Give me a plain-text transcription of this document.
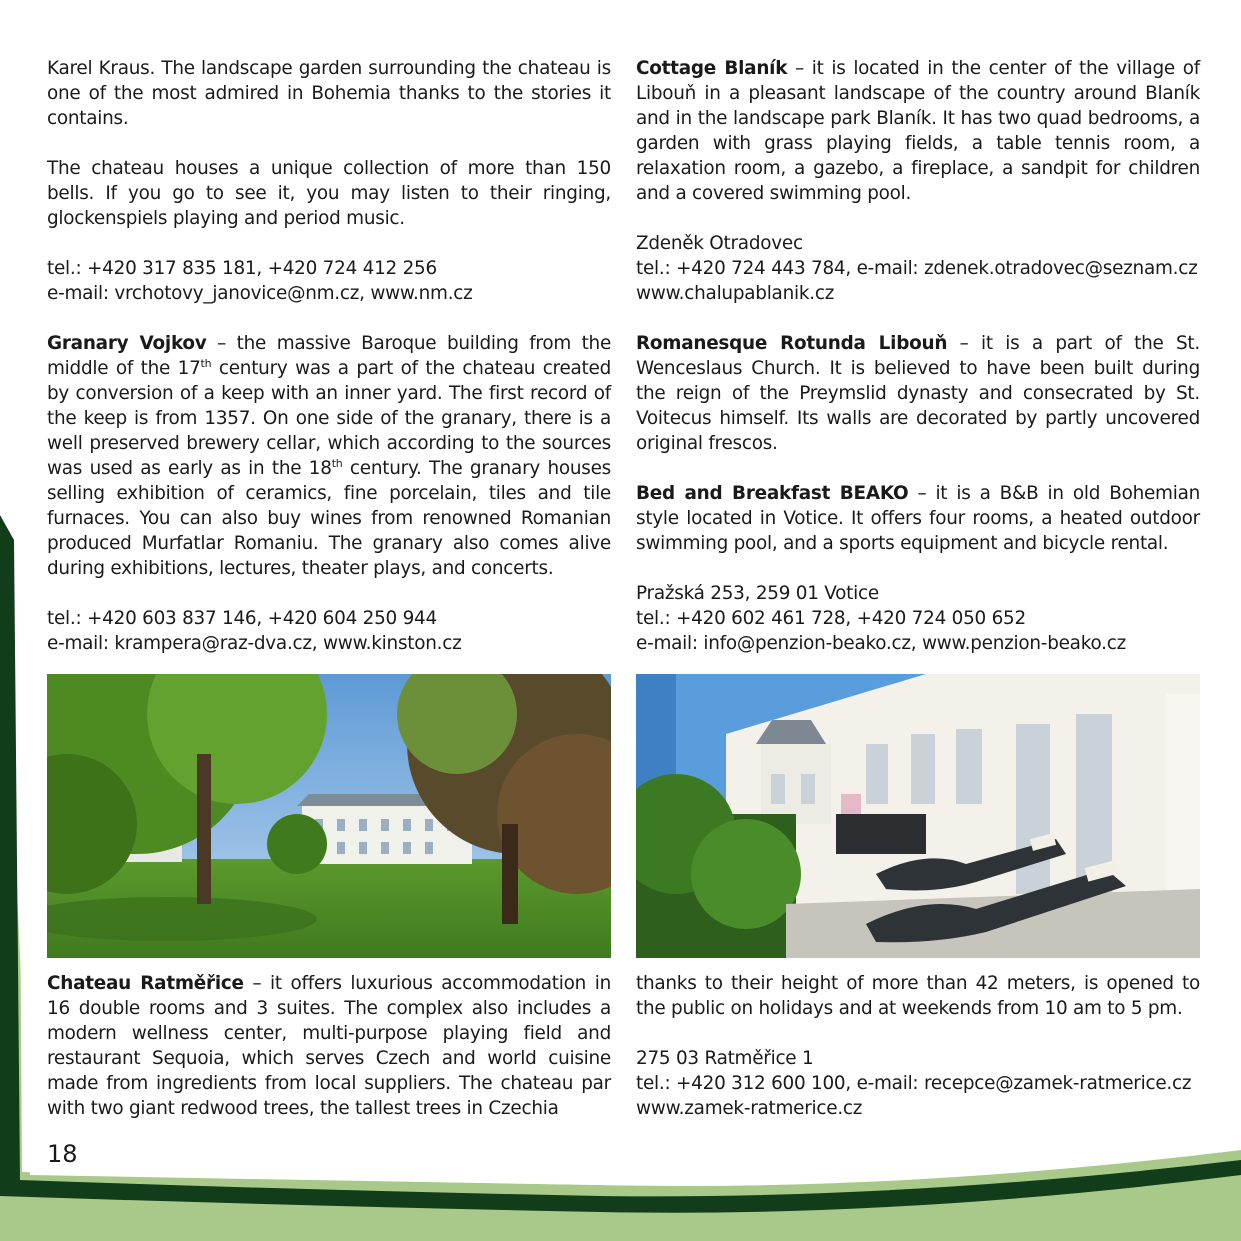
Karel Kraus. The landscape garden surrounding the chateau is one of the most admired in Bohemia thanks to the stories it contains.

The chateau houses a unique collection of more than 150 bells. If you go to see it, you may listen to their ringing, glockenspiels playing and period music.

tel.: +420 317 835 181, +420 724 412 256
e-mail: vrchotovy_janovice@nm.cz, www.nm.cz

Granary Vojkov – the massive Baroque building from the middle of the 17th century was a part of the chateau created by conversion of a keep with an inner yard. The first record of the keep is from 1357. On one side of the granary, there is a well preserved brewery cellar, which according to the sources was used as early as in the 18th century. The granary houses selling exhibition of ceramics, fine porcelain, tiles and tile furnaces. You can also buy wines from renowned Romanian produced Murfatlar Romaniu. The granary also comes alive during exhibitions, lectures, theater plays, and concerts.

tel.: +420 603 837 146, +420 604 250 944
e-mail: krampera@raz-dva.cz, www.kinston.cz

Cottage Blaník – it is located in the center of the village of Libouň in a pleasant landscape of the country around Blaník and in the landscape park Blaník. It has two quad bedrooms, a garden with grass playing fields, a table tennis room, a relaxation room, a gazebo, a fireplace, a sandpit for children and a covered swimming pool.

Zdeněk Otradovec
tel.: +420 724 443 784, e-mail: zdenek.otradovec@seznam.cz
www.chalupablanik.cz

Romanesque Rotunda Libouň – it is a part of the St. Wenceslaus Church. It is believed to have been built during the reign of the Preymslid dynasty and consecrated by St. Voitecus himself. Its walls are decorated by partly uncovered original frescos.

Bed and Breakfast BEAKO – it is a B&B in old Bohemian style located in Votice. It offers four rooms, a heated outdoor swimming pool, and a sports equipment and bicycle rental.

Pražská 253, 259 01 Votice
tel.: +420 602 461 728, +420 724 050 652
e-mail: info@penzion-beako.cz, www.penzion-beako.cz

Chateau Ratměřice – it offers luxurious accommodation in 16 double rooms and 3 suites. The complex also includes a modern wellness center, multi-purpose playing field and restaurant Sequoia, which serves Czech and world cuisine made from ingredients from local suppliers. The chateau par with two giant redwood trees, the tallest trees in Czechia

thanks to their height of more than 42 meters, is opened to the public on holidays and at weekends from 10 am to 5 pm.

275 03 Ratměřice 1
tel.: +420 312 600 100, e-mail: recepce@zamek-ratmerice.cz
www.zamek-ratmerice.cz

18
